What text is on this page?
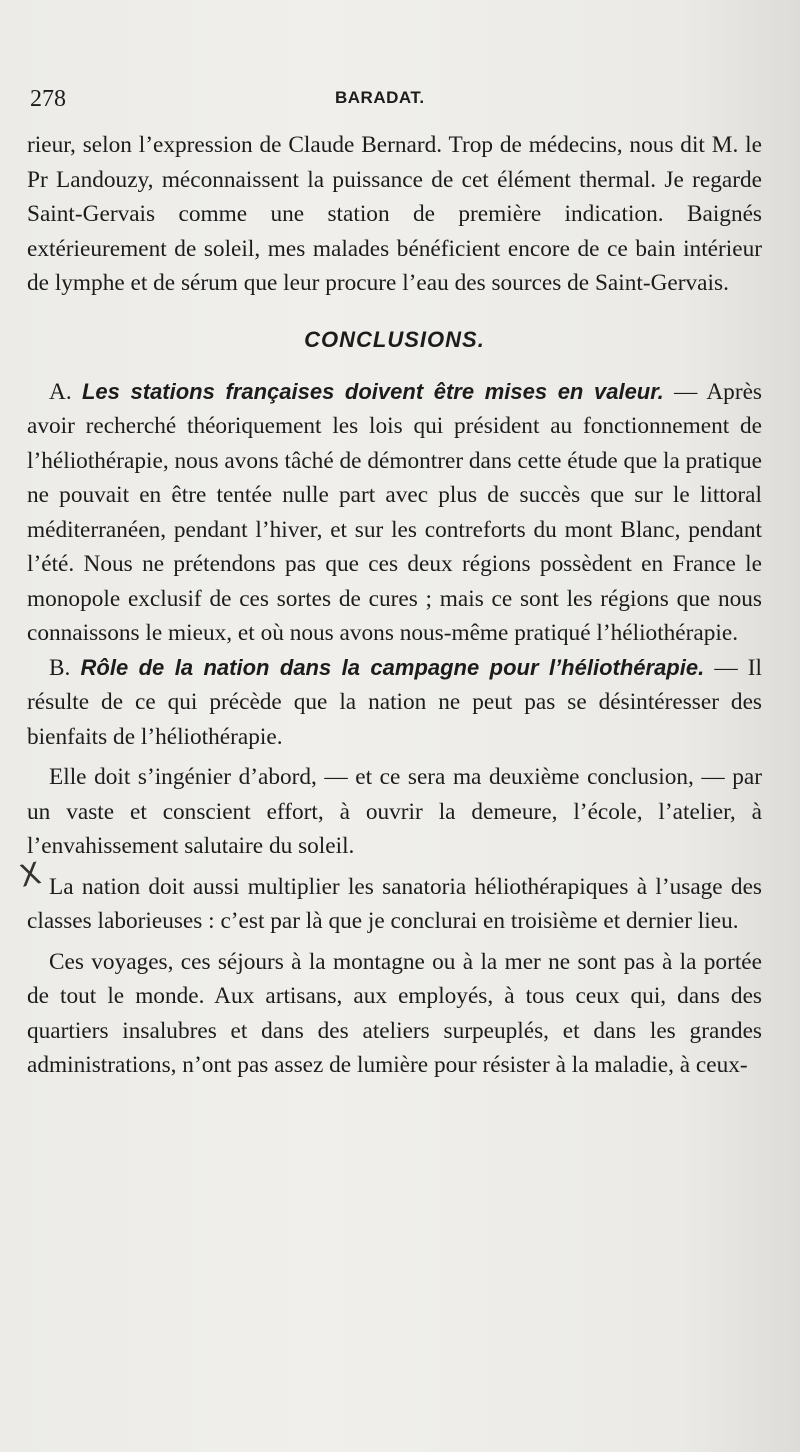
278	BARADAT.
X

rieur, selon l’expression de Claude Bernard. Trop de médecins, nous dit M. le Pr Landouzy, méconnaissent la puissance de cet élément thermal. Je regarde Saint-Gervais comme une station de première indication. Baignés extérieurement de soleil, mes malades bénéficient encore de ce bain intérieur de lymphe et de sérum que leur procure l’eau des sources de Saint-Gervais.

CONCLUSIONS.

A. Les stations françaises doivent être mises en valeur. — Après avoir recherché théoriquement les lois qui président au fonctionnement de l’héliothérapie, nous avons tâché de démontrer dans cette étude que la pratique ne pouvait en être tentée nulle part avec plus de succès que sur le littoral méditerranéen, pendant l’hiver, et sur les contreforts du mont Blanc, pendant l’été. Nous ne prétendons pas que ces deux régions possèdent en France le monopole exclusif de ces sortes de cures ; mais ce sont les régions que nous connaissons le mieux, et où nous avons nous-même pratiqué l’héliothérapie.

B. Rôle de la nation dans la campagne pour l’héliothérapie. — Il résulte de ce qui précède que la nation ne peut pas se désintéresser des bienfaits de l’héliothérapie.

Elle doit s’ingénier d’abord, — et ce sera ma deuxième conclusion, — par un vaste et conscient effort, à ouvrir la demeure, l’école, l’atelier, à l’envahissement salutaire du soleil.

La nation doit aussi multiplier les sanatoria héliothérapiques à l’usage des classes laborieuses : c’est par là que je conclurai en troisième et dernier lieu.

Ces voyages, ces séjours à la montagne ou à la mer ne sont pas à la portée de tout le monde. Aux artisans, aux employés, à tous ceux qui, dans des quartiers insalubres et dans des ateliers surpeuplés, et dans les grandes administrations, n’ont pas assez de lumière pour résister à la maladie, à ceux-
